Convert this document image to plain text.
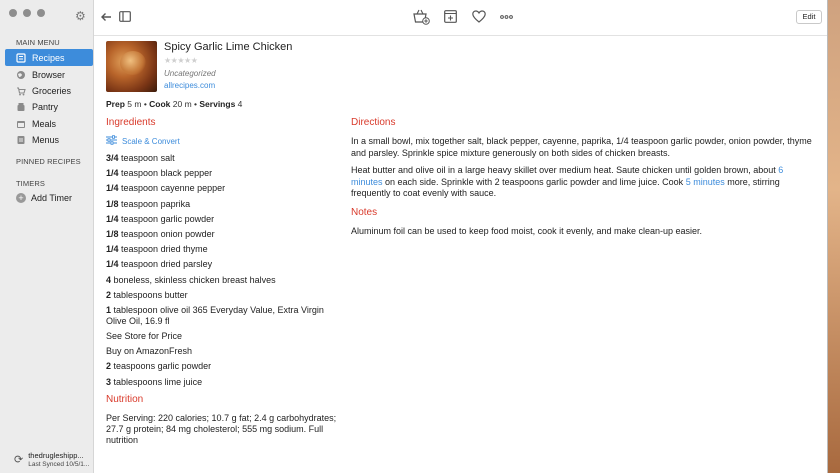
⚙
MAIN MENU
Recipes
Browser
Groceries
Pantry
Meals
Menus
PINNED RECIPES
TIMERS
+ Add Timer
⟳ thedrugleshipp...
Last Synced 10/5/1...
Edit
Spicy Garlic Lime Chicken
★★★★★
Uncategorized
allrecipes.com
Prep 5 m • Cook 20 m • Servings 4
Ingredients
Scale & Convert
3/4 teaspoon salt
1/4 teaspoon black pepper
1/4 teaspoon cayenne pepper
1/8 teaspoon paprika
1/4 teaspoon garlic powder
1/8 teaspoon onion powder
1/4 teaspoon dried thyme
1/4 teaspoon dried parsley
4 boneless, skinless chicken breast halves
2 tablespoons butter
1 tablespoon olive oil 365 Everyday Value, Extra Virgin Olive Oil, 16.9 fl
See Store for Price
Buy on AmazonFresh
2 teaspoons garlic powder
3 tablespoons lime juice
Nutrition
Per Serving: 220 calories; 10.7 g fat; 2.4 g carbohydrates; 27.7 g protein; 84 mg cholesterol; 555 mg sodium. Full nutrition
Directions
In a small bowl, mix together salt, black pepper, cayenne, paprika, 1/4 teaspoon garlic powder, onion powder, thyme and parsley. Sprinkle spice mixture generously on both sides of chicken breasts.
Heat butter and olive oil in a large heavy skillet over medium heat. Saute chicken until golden brown, about 6 minutes on each side. Sprinkle with 2 teaspoons garlic powder and lime juice. Cook 5 minutes more, stirring frequently to coat evenly with sauce.
Notes
Aluminum foil can be used to keep food moist, cook it evenly, and make clean-up easier.
